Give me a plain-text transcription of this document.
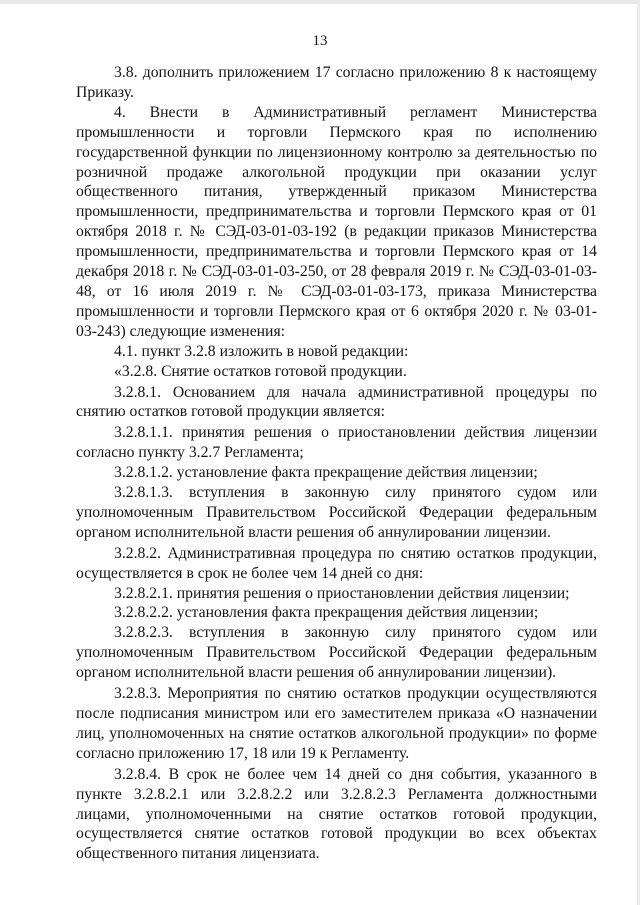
13

3.8. дополнить приложением 17 согласно приложению 8 к настоящему Приказу.

4. Внести в Административный регламент Министерства промышленности и торговли Пермского края по исполнению государственной функции по лицензионному контролю за деятельностью по розничной продаже алкогольной продукции при оказании услуг общественного питания, утвержденный приказом Министерства промышленности, предпринимательства и торговли Пермского края от 01 октября 2018 г. № СЭД-03-01-03-192 (в редакции приказов Министерства промышленности, предпринимательства и торговли Пермского края от 14 декабря 2018 г. № СЭД-03-01-03-250, от 28 февраля 2019 г. № СЭД-03-01-03-48, от 16 июля 2019 г. № СЭД-03-01-03-173, приказа Министерства промышленности и торговли Пермского края от 6 октября 2020 г. № 03-01-03-243) следующие изменения:

4.1. пункт 3.2.8 изложить в новой редакции:

«3.2.8. Снятие остатков готовой продукции.

3.2.8.1. Основанием для начала административной процедуры по снятию остатков готовой продукции является:

3.2.8.1.1. принятия решения о приостановлении действия лицензии согласно пункту 3.2.7 Регламента;

3.2.8.1.2. установление факта прекращение действия лицензии;

3.2.8.1.3. вступления в законную силу принятого судом или уполномоченным Правительством Российской Федерации федеральным органом исполнительной власти решения об аннулировании лицензии.

3.2.8.2. Административная процедура по снятию остатков продукции, осуществляется в срок не более чем 14 дней со дня:

3.2.8.2.1. принятия решения о приостановлении действия лицензии;

3.2.8.2.2. установления факта прекращения действия лицензии;

3.2.8.2.3. вступления в законную силу принятого судом или уполномоченным Правительством Российской Федерации федеральным органом исполнительной власти решения об аннулировании лицензии).

3.2.8.3. Мероприятия по снятию остатков продукции осуществляются после подписания министром или его заместителем приказа «О назначении лиц, уполномоченных на снятие остатков алкогольной продукции» по форме согласно приложению 17, 18 или 19 к Регламенту.

3.2.8.4. В срок не более чем 14 дней со дня события, указанного в пункте 3.2.8.2.1 или 3.2.8.2.2 или 3.2.8.2.3 Регламента должностными лицами, уполномоченными на снятие остатков готовой продукции, осуществляется снятие остатков готовой продукции во всех объектах общественного питания лицензиата.
